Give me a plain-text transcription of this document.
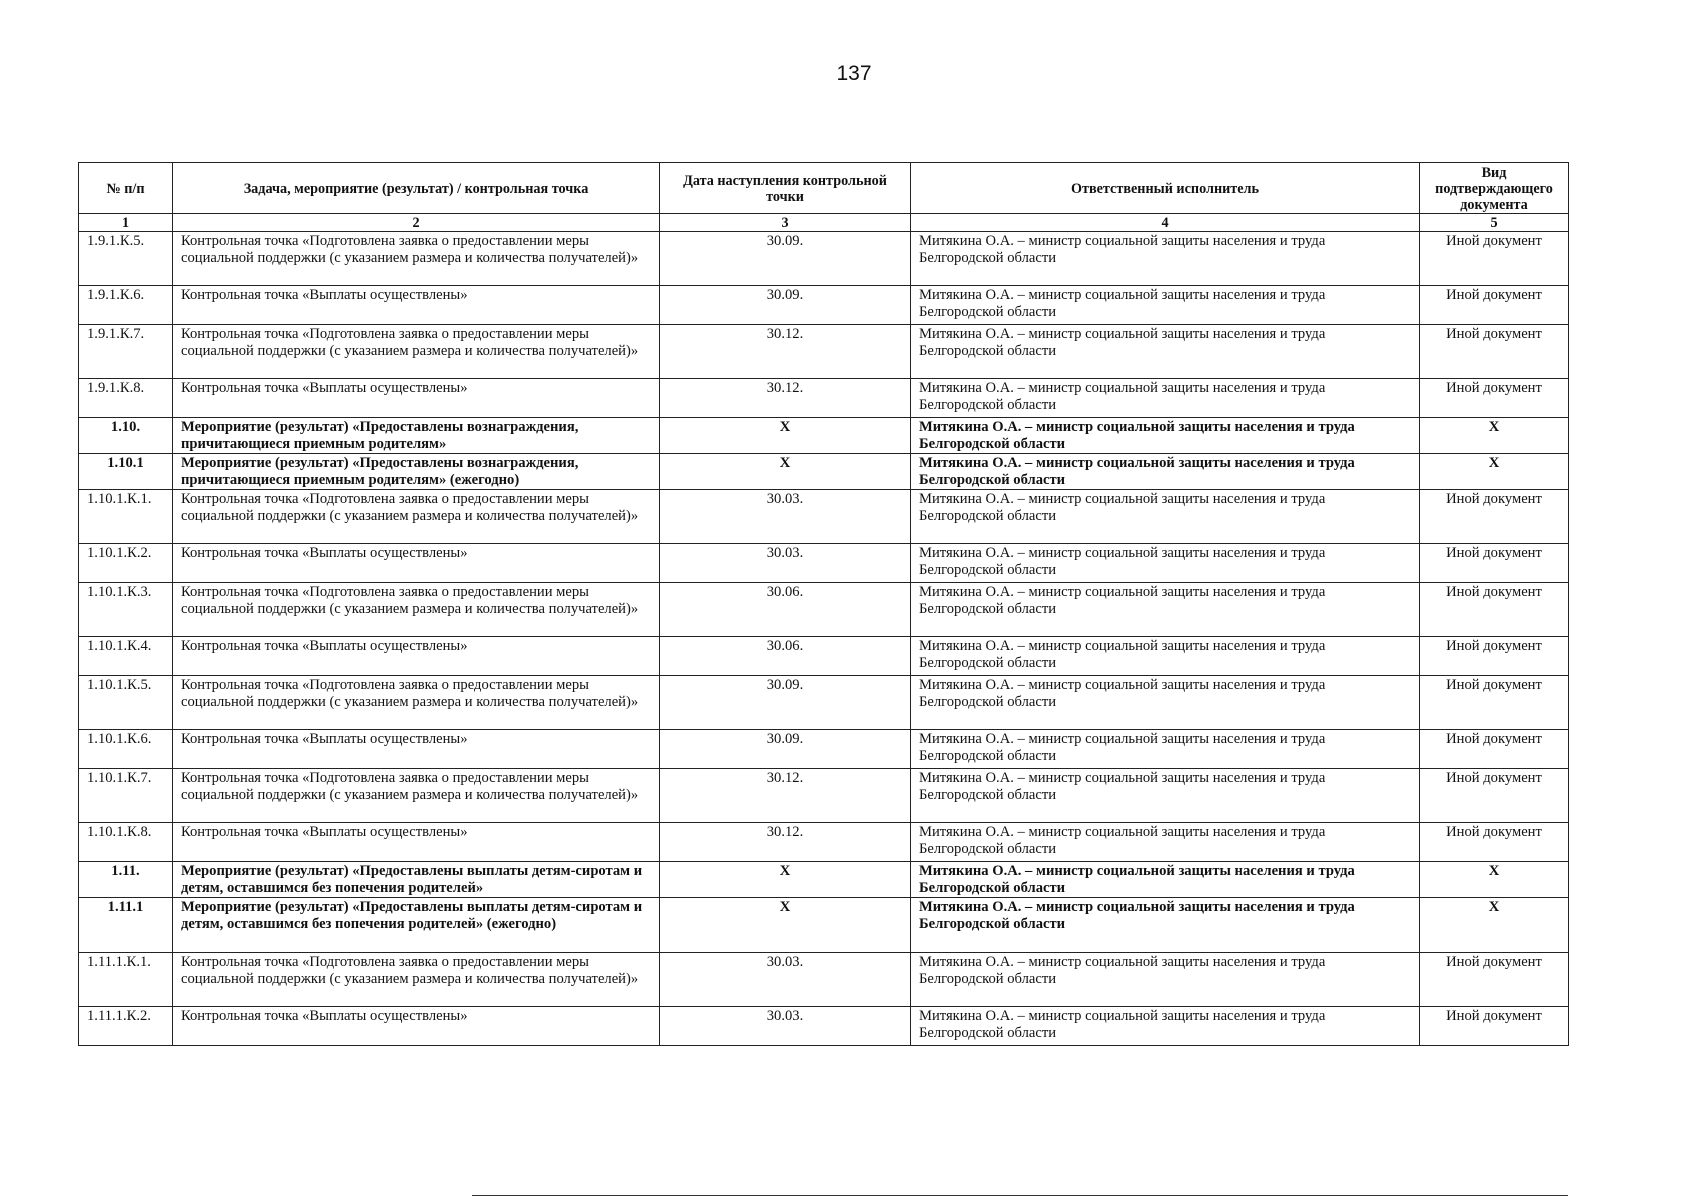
137
№ п/п	Задача, мероприятие (результат) / контрольная точка	Дата наступления контрольной точки	Ответственный исполнитель	Вид подтверждающего документа
1	2	3	4	5
1.9.1.К.5.	Контрольная точка «Подготовлена заявка о предоставлении меры социальной поддержки (с указанием размера и количества получателей)»	30.09.	Митякина О.А. – министр социальной защиты населения и труда Белгородской области	Иной документ
1.9.1.К.6.	Контрольная точка «Выплаты осуществлены»	30.09.	Митякина О.А. – министр социальной защиты населения и труда Белгородской области	Иной документ
1.9.1.К.7.	Контрольная точка «Подготовлена заявка о предоставлении меры социальной поддержки (с указанием размера и количества получателей)»	30.12.	Митякина О.А. – министр социальной защиты населения и труда Белгородской области	Иной документ
1.9.1.К.8.	Контрольная точка «Выплаты осуществлены»	30.12.	Митякина О.А. – министр социальной защиты населения и труда Белгородской области	Иной документ
1.10.	Мероприятие (результат) «Предоставлены вознаграждения, причитающиеся приемным родителям»	X	Митякина О.А. – министр социальной защиты населения и труда Белгородской области	X
1.10.1	Мероприятие (результат) «Предоставлены вознаграждения, причитающиеся приемным родителям» (ежегодно)	X	Митякина О.А. – министр социальной защиты населения и труда Белгородской области	X
1.10.1.К.1.	Контрольная точка «Подготовлена заявка о предоставлении меры социальной поддержки (с указанием размера и количества получателей)»	30.03.	Митякина О.А. – министр социальной защиты населения и труда Белгородской области	Иной документ
1.10.1.К.2.	Контрольная точка «Выплаты осуществлены»	30.03.	Митякина О.А. – министр социальной защиты населения и труда Белгородской области	Иной документ
1.10.1.К.3.	Контрольная точка «Подготовлена заявка о предоставлении меры социальной поддержки (с указанием размера и количества получателей)»	30.06.	Митякина О.А. – министр социальной защиты населения и труда Белгородской области	Иной документ
1.10.1.К.4.	Контрольная точка «Выплаты осуществлены»	30.06.	Митякина О.А. – министр социальной защиты населения и труда Белгородской области	Иной документ
1.10.1.К.5.	Контрольная точка «Подготовлена заявка о предоставлении меры социальной поддержки (с указанием размера и количества получателей)»	30.09.	Митякина О.А. – министр социальной защиты населения и труда Белгородской области	Иной документ
1.10.1.К.6.	Контрольная точка «Выплаты осуществлены»	30.09.	Митякина О.А. – министр социальной защиты населения и труда Белгородской области	Иной документ
1.10.1.К.7.	Контрольная точка «Подготовлена заявка о предоставлении меры социальной поддержки (с указанием размера и количества получателей)»	30.12.	Митякина О.А. – министр социальной защиты населения и труда Белгородской области	Иной документ
1.10.1.К.8.	Контрольная точка «Выплаты осуществлены»	30.12.	Митякина О.А. – министр социальной защиты населения и труда Белгородской области	Иной документ
1.11.	Мероприятие (результат) «Предоставлены выплаты детям-сиротам и детям, оставшимся без попечения родителей»	X	Митякина О.А. – министр социальной защиты населения и труда Белгородской области	X
1.11.1	Мероприятие (результат) «Предоставлены выплаты детям-сиротам и детям, оставшимся без попечения родителей» (ежегодно)	X	Митякина О.А. – министр социальной защиты населения и труда Белгородской области	X
1.11.1.К.1.	Контрольная точка «Подготовлена заявка о предоставлении меры социальной поддержки (с указанием размера и количества получателей)»	30.03.	Митякина О.А. – министр социальной защиты населения и труда Белгородской области	Иной документ
1.11.1.К.2.	Контрольная точка «Выплаты осуществлены»	30.03.	Митякина О.А. – министр социальной защиты населения и труда Белгородской области	Иной документ
